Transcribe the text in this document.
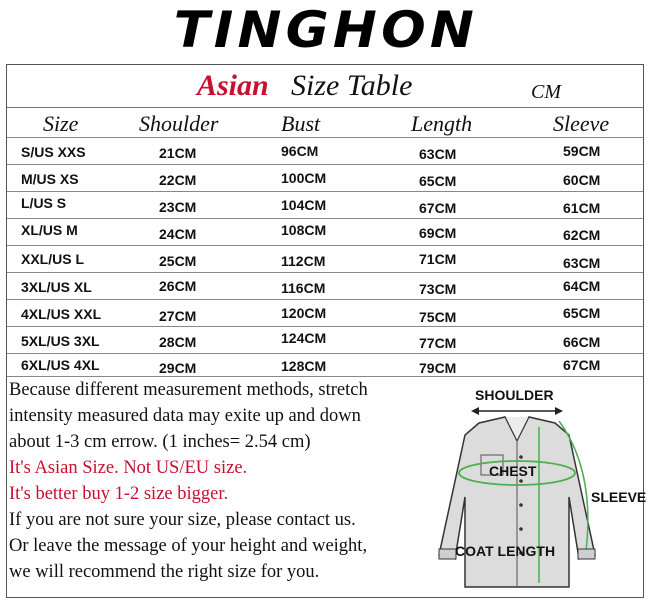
TINGHON
Asian Size Table	CM
Size	Shoulder	Bust	Length	Sleeve
S/US XXS	21CM	96CM	63CM	59CM
M/US XS	22CM	100CM	65CM	60CM
L/US S	23CM	104CM	67CM	61CM
XL/US M	24CM	108CM	69CM	62CM
XXL/US L	25CM	112CM	71CM	63CM
3XL/US XL	26CM	116CM	73CM	64CM
4XL/US XXL	27CM	120CM	75CM	65CM
5XL/US 3XL	28CM	124CM	77CM	66CM
6XL/US 4XL	29CM	128CM	79CM	67CM
Because different measurement methods, stretch
intensity measured data may exite up and down
about 1-3 cm errow. (1 inches= 2.54 cm)
It's Asian Size. Not US/EU size.
It's better buy 1-2 size bigger.
If you are not sure your size, please contact us.
Or leave the message of your height and weight,
we will recommend the right size for you.
SHOULDER
CHEST
SLEEVE
COAT LENGTH
